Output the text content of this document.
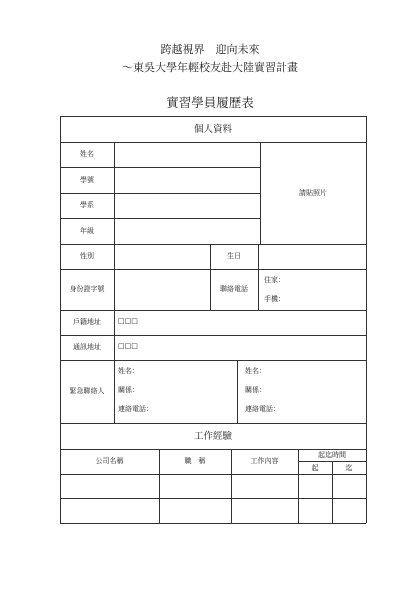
跨越視界　迎向未來
～東吳大學年輕校友赴大陸實習計畫
實習學員履歷表
個人資料
姓名
學號
學系
年級
請貼照片
性別	生日
身份證字號	聯絡電話
住家：
手機：
戶籍地址	□□□
通訊地址	□□□
緊急聯絡人
姓名：
關係：
連絡電話：
姓名：
關係：
連絡電話：
工作經驗
公司名稱	職　稱	工作內容
起迄時間
起	迄
